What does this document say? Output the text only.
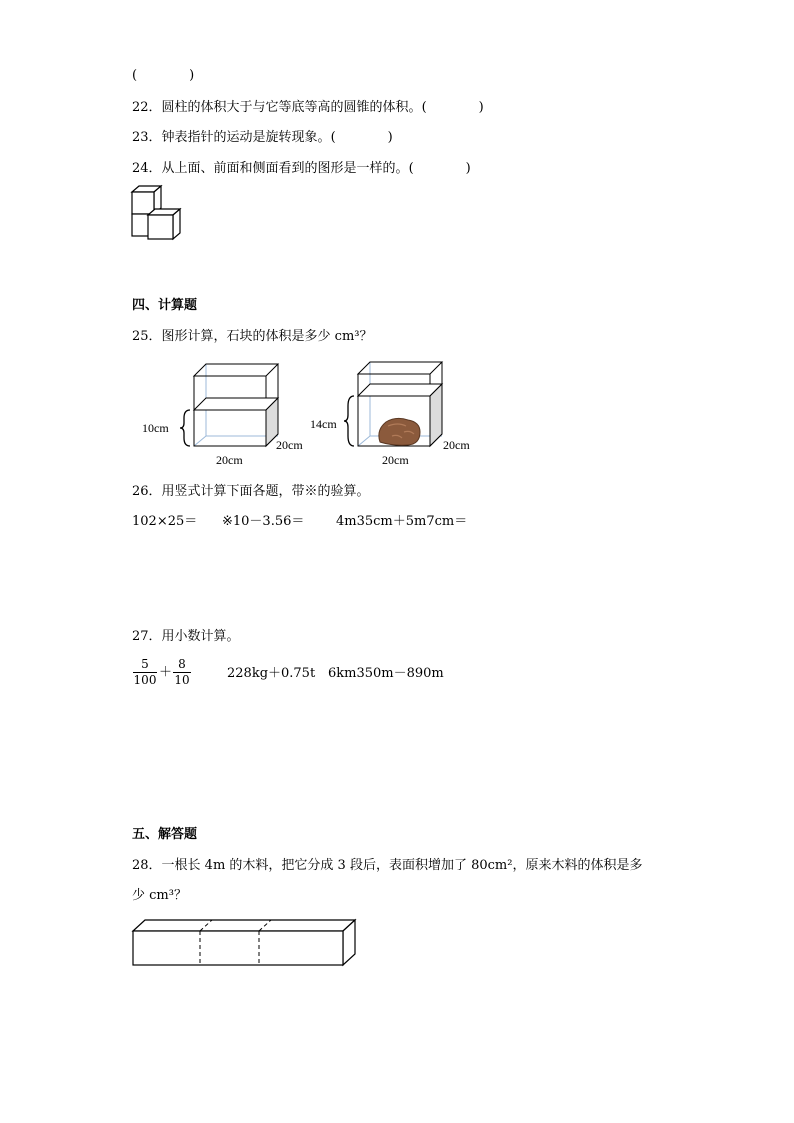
(　　　　)
22．圆柱的体积大于与它等底等高的圆锥的体积。(　　　　)
23．钟表指针的运动是旋转现象。(　　　　)
24．从上面、前面和侧面看到的图形是一样的。(　　　　)
四、计算题
25．图形计算，石块的体积是多少 cm³？
10cm
20cm
20cm
14cm
20cm
20cm
26．用竖式计算下面各题，带※的验算。
102×25＝ ※10－3.56＝ 4m35cm＋5m7cm＝
27．用小数计算。
5
100 ＋
8
10	228kg＋0.75t 6km350m－890m
五、解答题
28．一根长 4m 的木料，把它分成 3 段后，表面积增加了 80cm²，原来木料的体积是多
少 cm³？
